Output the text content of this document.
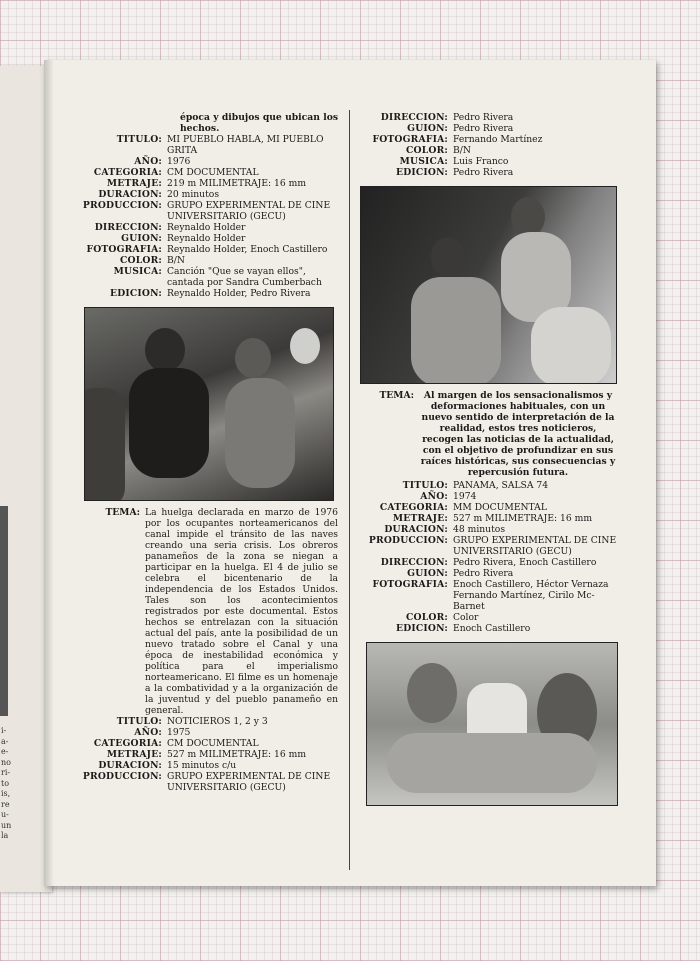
i-
a-
e-
no
ri-
to
is,
re
u-
un
la
época y dibujos que ubican los hechos.
TITULO: MI PUEBLO HABLA, MI PUEBLO GRITA
AÑO: 1976
CATEGORIA: CM DOCUMENTAL
METRAJE: 219 m MILIMETRAJE: 16 mm
DURACION: 20 minutos
PRODUCCION: GRUPO EXPERIMENTAL DE CINE UNIVERSITARIO (GECU)
DIRECCION: Reynaldo Holder
GUION: Reynaldo Holder
FOTOGRAFIA: Reynaldo Holder, Enoch Castillero
COLOR: B/N
MUSICA: Canción "Que se vayan ellos", cantada por Sandra Cumberbach
EDICION: Reynaldo Holder, Pedro Rivera
TEMA: La huelga declarada en marzo de 1976 por los ocupantes norteamericanos del canal impide el tránsito de las naves creando una seria crisis. Los obreros panameños de la zona se niegan a participar en la huelga. El 4 de julio se celebra el bicentenario de la independencia de los Estados Unidos. Tales son los acontecimientos registrados por este documental. Estos hechos se entrelazan con la situación actual del país, ante la posibilidad de un nuevo tratado sobre el Canal y una época de inestabilidad económica y política para el imperialismo norteamericano. El filme es un homenaje a la combatividad y a la organización de la juventud y del pueblo panameño en general.
TITULO: NOTICIEROS 1, 2 y 3
AÑO: 1975
CATEGORIA: CM DOCUMENTAL
METRAJE: 527 m MILIMETRAJE: 16 mm
DURACION: 15 minutos c/u
PRODUCCION: GRUPO EXPERIMENTAL DE CINE UNIVERSITARIO (GECU)
DIRECCION: Pedro Rivera
GUION: Pedro Rivera
FOTOGRAFIA: Fernando Martínez
COLOR: B/N
MUSICA: Luis Franco
EDICION: Pedro Rivera
TEMA:	Al margen de los sensacionalismos y deformaciones habituales, con un nuevo sentido de interpretación de la realidad, estos tres noticieros, recogen las noticias de la actualidad, con el objetivo de profundizar en sus raíces históricas, sus consecuencias y repercusión futura.
TITULO: PANAMA, SALSA 74
AÑO: 1974
CATEGORIA: MM DOCUMENTAL
METRAJE: 527 m MILIMETRAJE: 16 mm
DURACION: 48 minutos
PRODUCCION: GRUPO EXPERIMENTAL DE CINE UNIVERSITARIO (GECU)
DIRECCION: Pedro Rivera, Enoch Castillero
GUION: Pedro Rivera
FOTOGRAFIA: Enoch Castillero, Héctor Vernaza Fernando Martínez, Cirilo Mc-Barnet
COLOR: Color
EDICION: Enoch Castillero
